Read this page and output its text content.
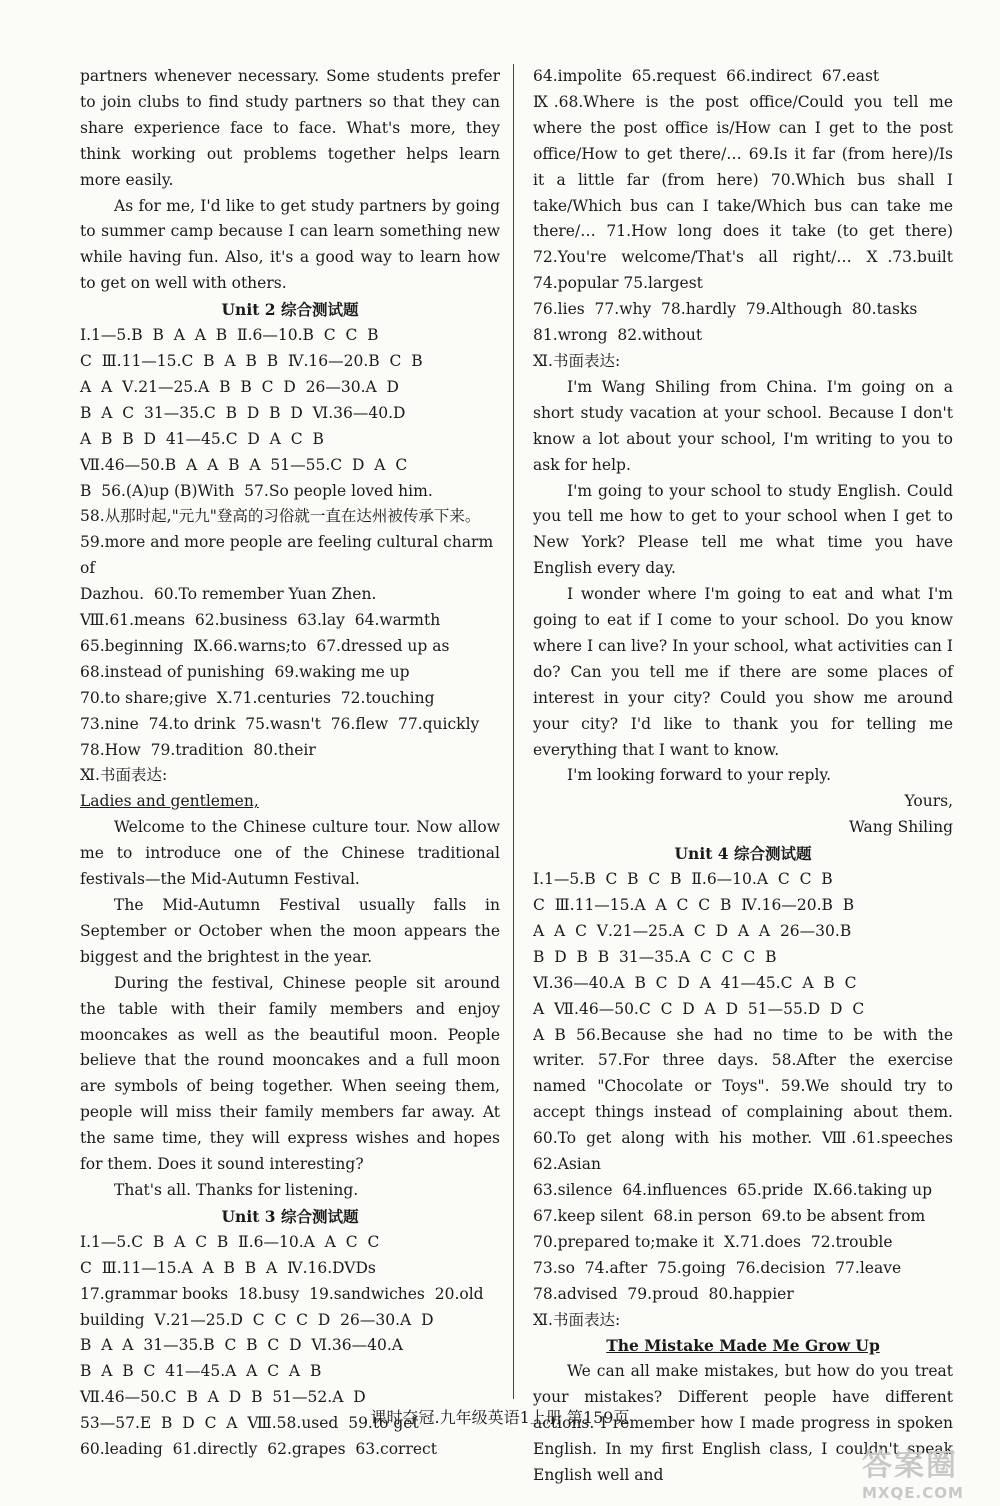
partners whenever necessary. Some students prefer to join clubs to find study partners so that they can share experience face to face. What's more, they think working out problems together helps learn more easily.

As for me, I'd like to get study partners by going to summer camp because I can learn something new while having fun. Also, it's a good way to learn how to get on well with others.

Unit 2 综合测试题

Ⅰ.1—5.B  B  A  A  B  Ⅱ.6—10.B  C  C  B

C  Ⅲ.11—15.C  B  A  B  B  Ⅳ.16—20.B  C  B

A  A  Ⅴ.21—25.A  B  B  C  D  26—30.A  D

B  A  C  31—35.C  B  D  B  D  Ⅵ.36—40.D

A  B  B  D  41—45.C  D  A  C  B

Ⅶ.46—50.B  A  A  B  A  51—55.C  D  A  C

B  56.(A)up (B)With  57.So people loved him.

58.从那时起,"元九"登高的习俗就一直在达州被传承下来。

59.more and more people are feeling cultural charm of

Dazhou.  60.To remember Yuan Zhen.

Ⅷ.61.means  62.business  63.lay  64.warmth

65.beginning  Ⅸ.66.warns;to  67.dressed up as

68.instead of punishing  69.waking me up

70.to share;give  Ⅹ.71.centuries  72.touching

73.nine  74.to drink  75.wasn't  76.flew  77.quickly

78.How  79.tradition  80.their

Ⅺ.书面表达:

Ladies and gentlemen,

Welcome to the Chinese culture tour. Now allow me to introduce one of the Chinese traditional festivals—the Mid-Autumn Festival.

The Mid-Autumn Festival usually falls in September or October when the moon appears the biggest and the brightest in the year.

During the festival, Chinese people sit around the table with their family members and enjoy mooncakes as well as the beautiful moon. People believe that the round mooncakes and a full moon are symbols of being together. When seeing them, people will miss their family members far away. At the same time, they will express wishes and hopes for them. Does it sound interesting?

That's all. Thanks for listening.

Unit 3 综合测试题

Ⅰ.1—5.C  B  A  C  B  Ⅱ.6—10.A  A  C  C

C  Ⅲ.11—15.A  A  B  B  A  Ⅳ.16.DVDs

17.grammar books  18.busy  19.sandwiches  20.old

building  Ⅴ.21—25.D  C  C  C  D  26—30.A  D

B  A  A  31—35.B  C  B  C  D  Ⅵ.36—40.A

B  A  B  C  41—45.A  A  C  A  B

Ⅶ.46—50.C  B  A  D  B  51—52.A  D

53—57.E  B  D  C  A  Ⅷ.58.used  59.to get

60.leading  61.directly  62.grapes  63.correct

64.impolite  65.request  66.indirect  67.east

Ⅸ.68.Where is the post office/Could you tell me where the post office is/How can I get to the post office/How to get there/… 69.Is it far (from here)/Is it a little far (from here) 70.Which bus shall I take/Which bus can I take/Which bus can take me there/… 71.How long does it take (to get there) 72.You're welcome/That's all right/… Ⅹ.73.built 74.popular 75.largest

76.lies  77.why  78.hardly  79.Although  80.tasks

81.wrong  82.without

Ⅺ.书面表达:

I'm Wang Shiling from China. I'm going on a short study vacation at your school. Because I don't know a lot about your school, I'm writing to you to ask for help.

I'm going to your school to study English. Could you tell me how to get to your school when I get to New York? Please tell me what time you have English every day.

I wonder where I'm going to eat and what I'm going to eat if I come to your school. Do you know where I can live? In your school, what activities can I do? Can you tell me if there are some places of interest in your city? Could you show me around your city? I'd like to thank you for telling me everything that I want to know.

I'm looking forward to your reply.

Yours,

Wang Shiling

Unit 4 综合测试题

Ⅰ.1—5.B  C  B  C  B  Ⅱ.6—10.A  C  C  B

C  Ⅲ.11—15.A  A  C  C  B  Ⅳ.16—20.B  B

A  A  C  Ⅴ.21—25.A  C  D  A  A  26—30.B

B  D  B  B  31—35.A  C  C  C  B

Ⅵ.36—40.A  B  C  D  A  41—45.C  A  B  C

A  Ⅶ.46—50.C  C  D  A  D  51—55.D  D  C

A B 56.Because she had no time to be with the writer. 57.For three days. 58.After the exercise named "Chocolate or Toys". 59.We should try to accept things instead of complaining about them. 60.To get along with his mother. Ⅷ.61.speeches 62.Asian

63.silence  64.influences  65.pride  Ⅸ.66.taking up

67.keep silent  68.in person  69.to be absent from

70.prepared to;make it  Ⅹ.71.does  72.trouble

73.so  74.after  75.going  76.decision  77.leave

78.advised  79.proud  80.happier

Ⅺ.书面表达:

The Mistake Made Me Grow Up

We can all make mistakes, but how do you treat your mistakes? Different people have different actions. I remember how I made progress in spoken English. In my first English class, I couldn't speak English well and

课时夺冠.九年级英语1上册 第159页
答案圈
MXQE.COM
